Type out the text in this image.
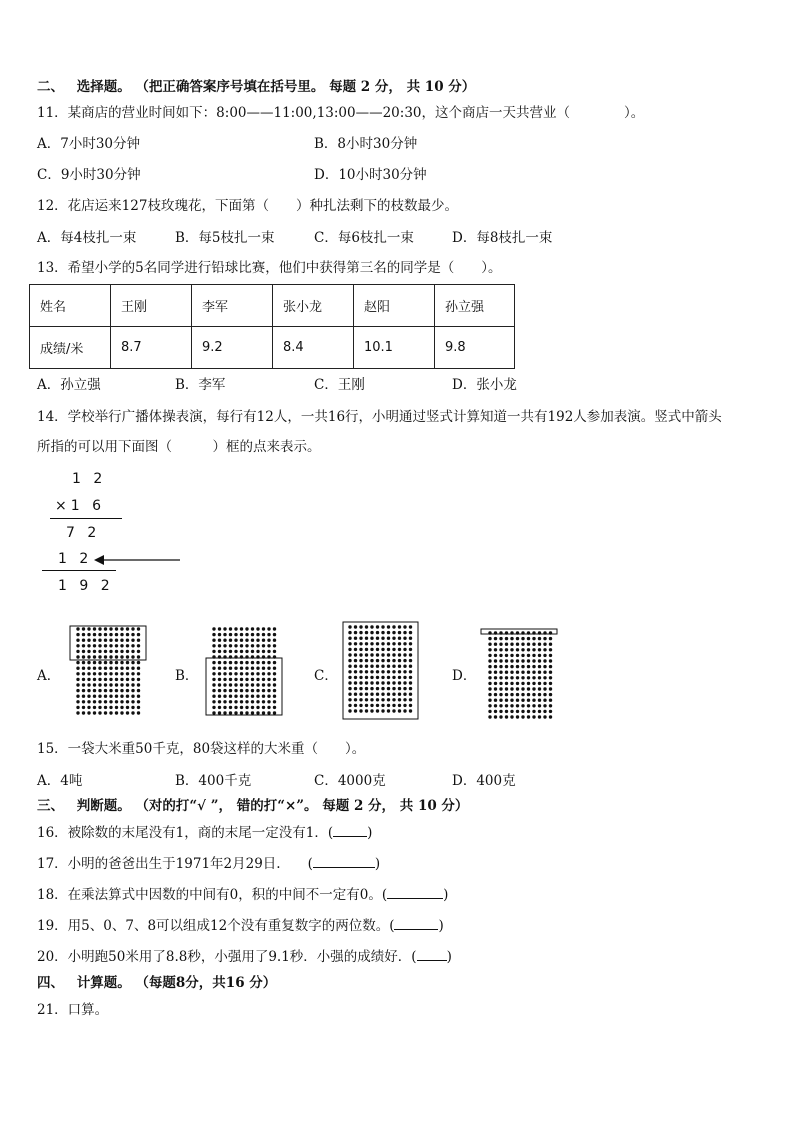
二、 选择题。 （把正确答案序号填在括号里。 每题 2 分， 共 10 分）
11．某商店的营业时间如下：8:00——11:00,13:00——20:30，这个商店一天共营业（　　　　）。
A．7小时30分钟	B．8小时30分钟
C．9小时30分钟	D．10小时30分钟
12．花店运来127枝玫瑰花，下面第（　　）种扎法剩下的枝数最少。
A．每4枝扎一束	B．每5枝扎一束	C．每6枝扎一束	D．每8枝扎一束
13．希望小学的5名同学进行铅球比赛，他们中获得第三名的同学是（　　）。
姓名	王刚	李军	张小龙	赵阳	孙立强
成绩/米	8.7	9.2	8.4	10.1	9.8
A．孙立强	B．李军	C．王刚	D．张小龙
14．学校举行广播体操表演，每行有12人，一共16行，小明通过竖式计算知道一共有192人参加表演。竖式中箭头
所指的可以用下面图（　　　）框的点来表示。
1 2
×1 6
7 2
1 2
1 9 2
A．	B．	C．	D．
15．一袋大米重50千克，80袋这样的大米重（　　）。
A．4吨	B．400千克	C．4000克	D．400克
三、 判断题。 （对的打“√ ”， 错的打“×”。 每题 2 分， 共 10 分）
16．被除数的末尾没有1，商的末尾一定没有1．(	)
17．小明的爸爸出生于1971年2月29日.　　(	)
18．在乘法算式中因数的中间有0，积的中间不一定有0。(	)
19．用5、0、7、8可以组成12个没有重复数字的两位数。(	)
20．小明跑50米用了8.8秒，小强用了9.1秒．小强的成绩好．( )
四、 计算题。 （每题8分，共16 分）
21．口算。
